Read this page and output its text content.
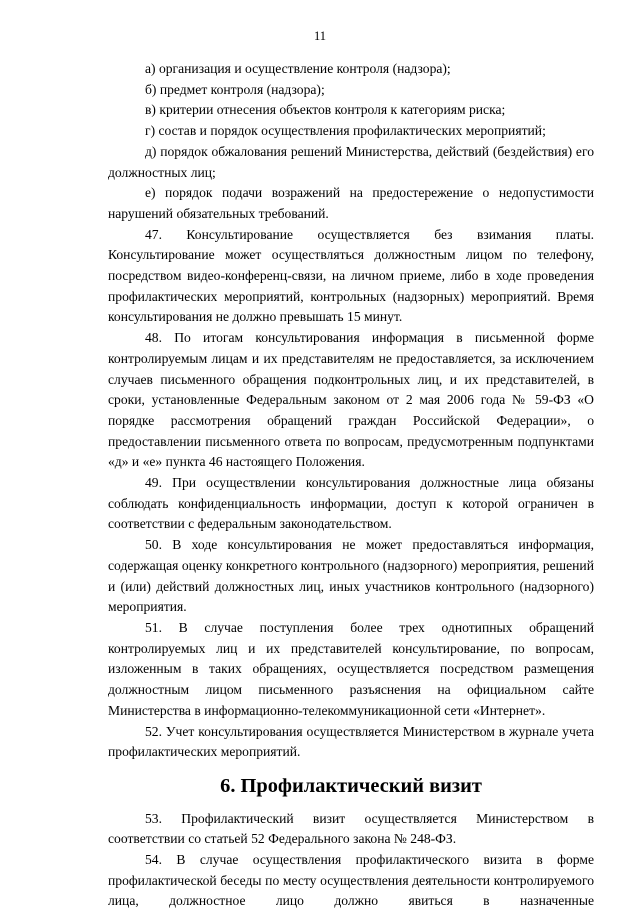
11

а) организация и осуществление контроля (надзора);

б) предмет контроля (надзора);

в) критерии отнесения объектов контроля к категориям риска;

г) состав и порядок осуществления профилактических мероприятий;

д) порядок обжалования решений Министерства, действий (бездействия) его должностных лиц;

е) порядок подачи возражений на предостережение о недопустимости нарушений обязательных требований.

47. Консультирование осуществляется без взимания платы. Консультирование может осуществляться должностным лицом по телефону, посредством видео-конференц-связи, на личном приеме, либо в ходе проведения профилактических мероприятий, контрольных (надзорных) мероприятий. Время консультирования не должно превышать 15 минут.

48. По итогам консультирования информация в письменной форме контролируемым лицам и их представителям не предоставляется, за исключением случаев письменного обращения подконтрольных лиц, и их представителей, в сроки, установленные Федеральным законом от 2 мая 2006 года № 59-ФЗ «О порядке рассмотрения обращений граждан Российской Федерации», о предоставлении письменного ответа по вопросам, предусмотренным подпунктами «д» и «е» пункта 46 настоящего Положения.

49. При осуществлении консультирования должностные лица обязаны соблюдать конфиденциальность информации, доступ к которой ограничен в соответствии с федеральным законодательством.

50. В ходе консультирования не может предоставляться информация, содержащая оценку конкретного контрольного (надзорного) мероприятия, решений и (или) действий должностных лиц, иных участников контрольного (надзорного) мероприятия.

51. В случае поступления более трех однотипных обращений контролируемых лиц и их представителей консультирование, по вопросам, изложенным в таких обращениях, осуществляется посредством размещения должностным лицом письменного разъяснения на официальном сайте Министерства в информационно-телекоммуникационной сети «Интернет».

52. Учет консультирования осуществляется Министерством в журнале учета профилактических мероприятий.

6. Профилактический визит

53. Профилактический визит осуществляется Министерством в соответствии со статьей 52 Федерального закона № 248-ФЗ.

54. В случае осуществления профилактического визита в форме профилактической беседы по месту осуществления деятельности контролируемого лица, должностное лицо должно явиться в назначенные
